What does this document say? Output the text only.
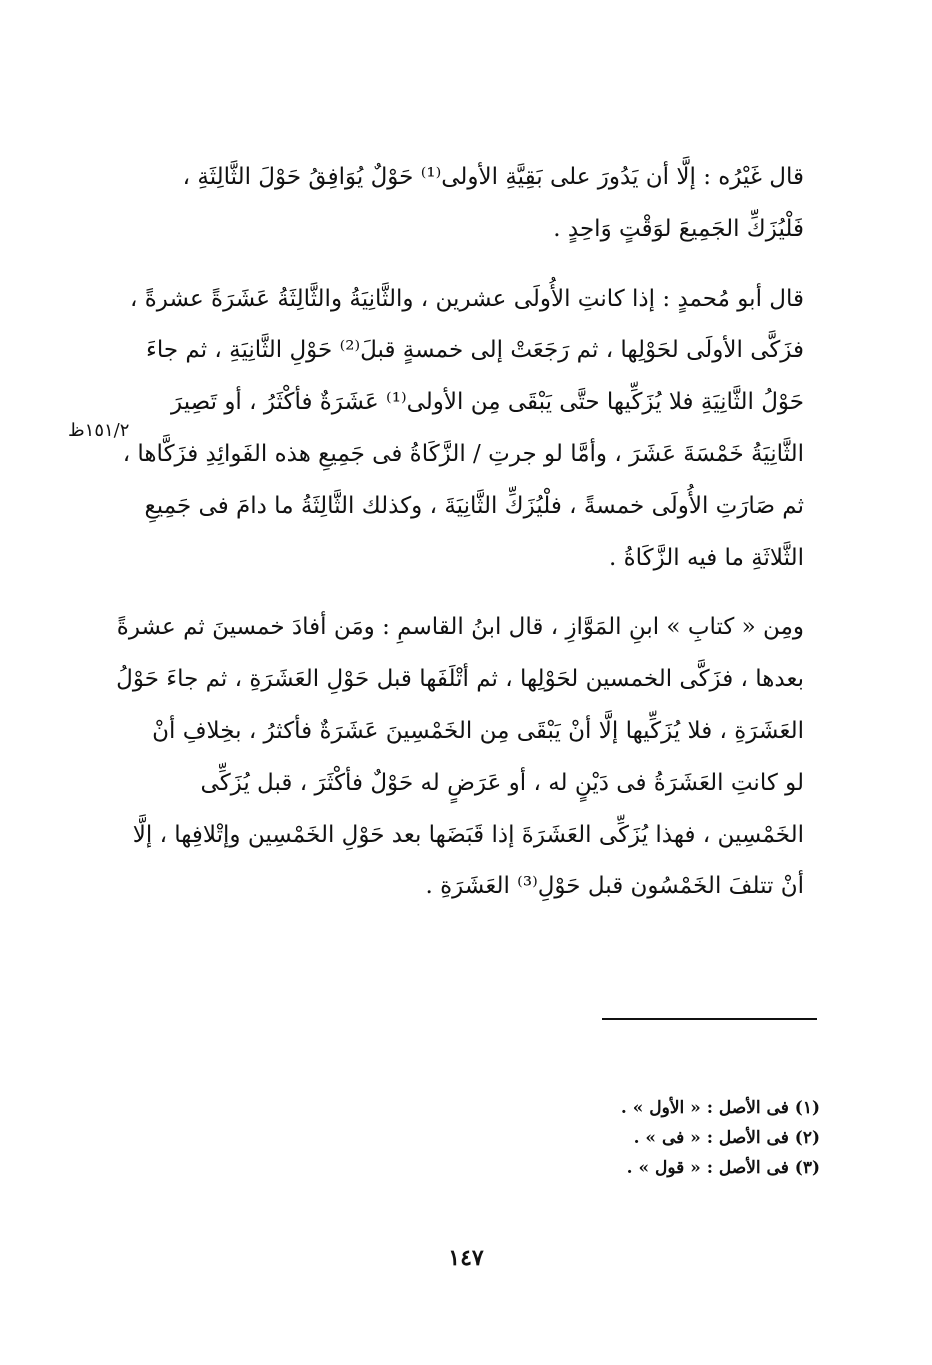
قال غَيْرُه : إلَّا أن يَدُورَ على بَقِيَّةِ الأولى⁽¹⁾ حَوْلٌ يُوَافِقُ حَوْلَ الثَّالِثَةِ ،
فَلْيُزَكِّ الجَمِيعَ لوَقْتٍ وَاحِدٍ .

قال أبو مُحمدٍ : إذا كانتِ الأُولَى عشرين ، والثَّانِيَةُ والثَّالِثَةُ عَشَرَةً عشرةً ،
فزَكَّى الأولَى لحَوْلِها ، ثم رَجَعَتْ إلى خمسةٍ قبلَ⁽²⁾ حَوْلِ الثَّانِيَةِ ، ثم جاءَ
حَوْلُ الثَّانِيَةِ فلا يُزَكِّيها حتَّى يَبْقَى مِن الأولى⁽¹⁾ عَشَرَةٌ فأكْثَرُ ، أو تَصِيرَ
الثَّانِيَةُ خَمْسَةَ عَشَرَ ، وأمَّا لو جرتِ / الزَّكَاةُ فى جَمِيعِ هذه الفَوائِدِ فزَكَّاها ،
ثم صَارَتِ الأُولَى خمسةً ، فلْيُزَكِّ الثَّانِيَةَ ، وكذلك الثَّالِثَةُ ما دامَ فى جَمِيعِ
الثَّلاثَةِ ما فيه الزَّكَاةُ .

ومِن « كتابِ » ابنِ المَوَّازِ ، قال ابنُ القاسمِ : ومَن أفادَ خمسينَ ثم عشرةً
بعدها ، فزَكَّى الخمسين لحَوْلِها ، ثم أتْلَفَها قبل حَوْلِ العَشَرَةِ ، ثم جاءَ حَوْلُ
العَشَرَةِ ، فلا يُزَكِّيها إلَّا أنْ يَبْقَى مِن الخَمْسِينَ عَشَرَةٌ فأكثرُ ، بخِلافِ أنْ
لو كانتِ العَشَرَةُ فى دَيْنٍ له ، أو عَرَضٍ له حَوْلٌ فأكْثَرَ ، قبل يُزَكِّى
الخَمْسِين ، فهذا يُزَكِّى العَشَرَةَ إذا قَبَضَها بعد حَوْلِ الخَمْسِين وإتْلافِها ، إلَّا
أنْ تتلفَ الخَمْسُون قبل حَوْلِ⁽³⁾ العَشَرَةِ .

١٥١/٢ظ
(١) فى الأصل : « الأول » .
(٢) فى الأصل : « فى » .
(٣) فى الأصل : « قول » .
١٤٧
